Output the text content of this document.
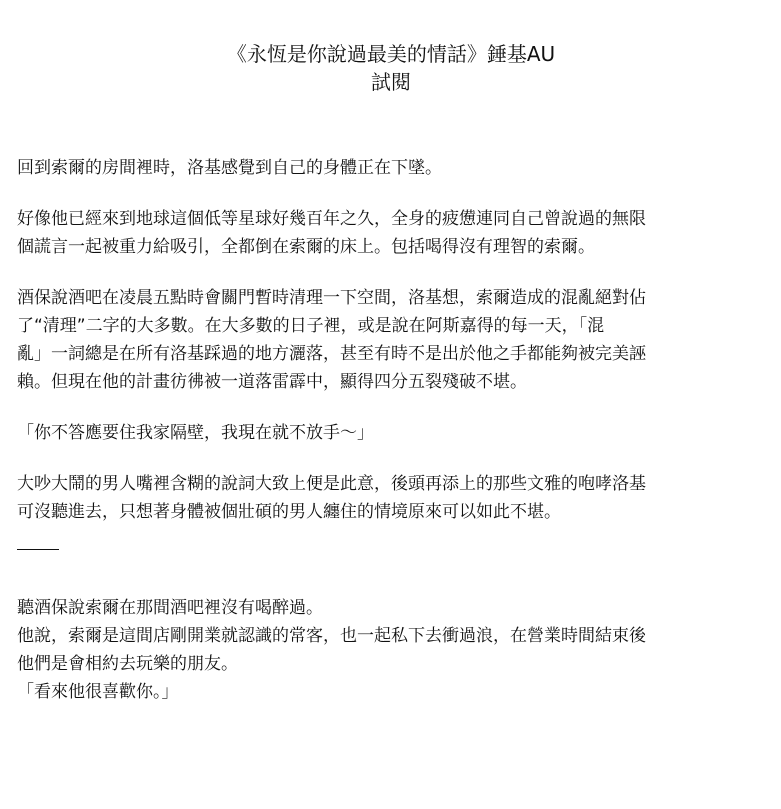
《永恆是你說過最美的情話》錘基AU
試閱

回到索爾的房間裡時，洛基感覺到自己的身體正在下墜。

好像他已經來到地球這個低等星球好幾百年之久，全身的疲憊連同自己曾說過的無限
個謊言一起被重力給吸引，全都倒在索爾的床上。包括喝得沒有理智的索爾。

酒保說酒吧在凌晨五點時會關門暫時清理一下空間，洛基想，索爾造成的混亂絕對佔
了“清理”二字的大多數。在大多數的日子裡，或是說在阿斯嘉得的每一天，「混
亂」一詞總是在所有洛基踩過的地方灑落，甚至有時不是出於他之手都能夠被完美誣
賴。但現在他的計畫彷彿被一道落雷霹中，顯得四分五裂殘破不堪。

「你不答應要住我家隔壁，我現在就不放手～」

大吵大鬧的男人嘴裡含糊的說詞大致上便是此意，後頭再添上的那些文雅的咆哮洛基
可沒聽進去，只想著身體被個壯碩的男人纏住的情境原來可以如此不堪。

聽酒保說索爾在那間酒吧裡沒有喝醉過。
他說，索爾是這間店剛開業就認識的常客，也一起私下去衝過浪，在營業時間結束後
他們是會相約去玩樂的朋友。
「看來他很喜歡你。」
